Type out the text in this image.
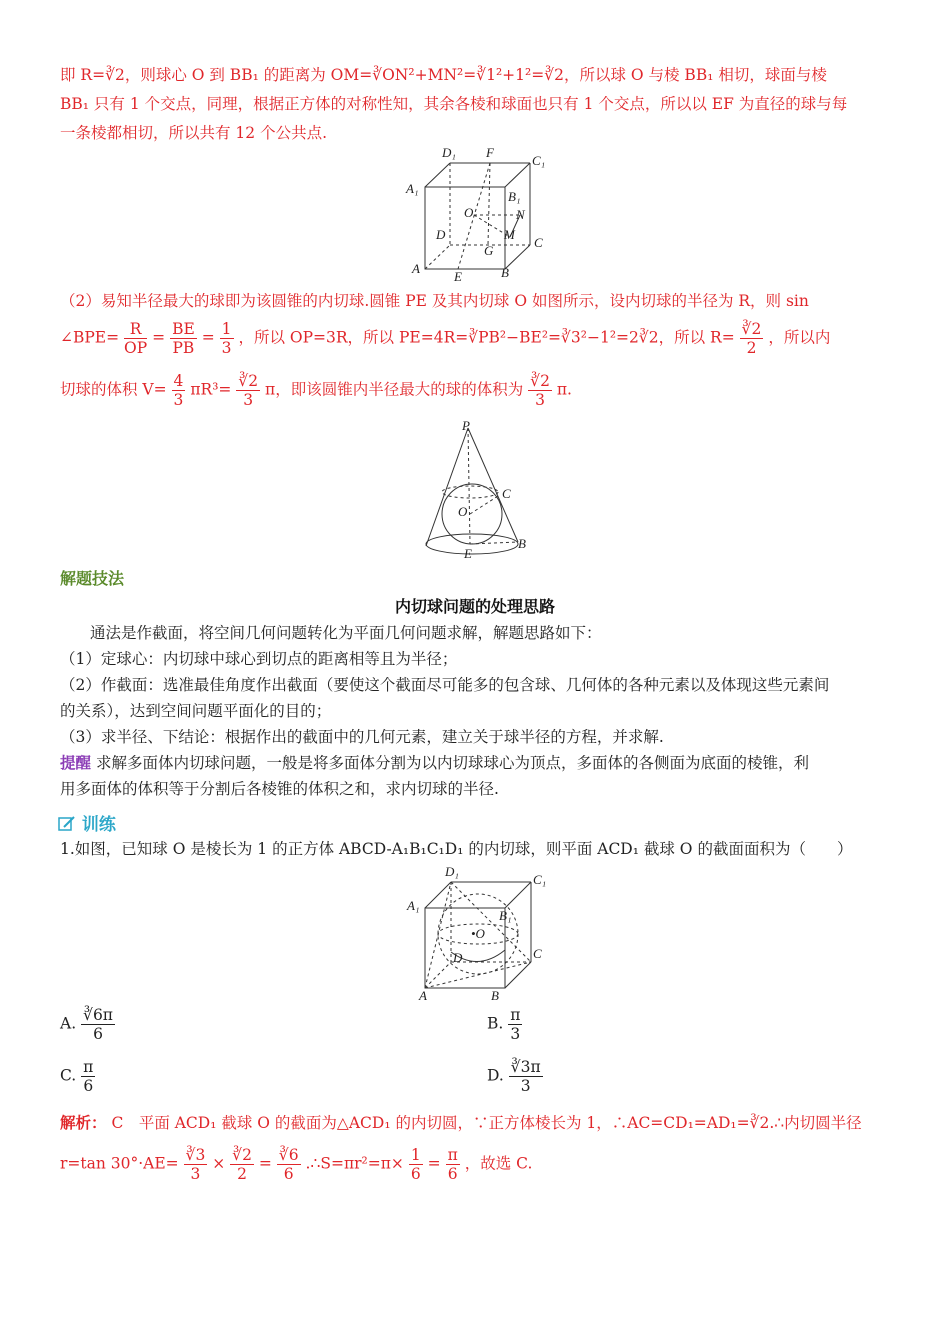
即 R=∛2，则球心 O 到 BB₁ 的距离为 OM=∛ON²+MN²=∛1²+1²=∛2，所以球 O 与棱 BB₁ 相切，球面与棱
BB₁ 只有 1 个交点，同理，根据正方体的对称性知，其余各棱和球面也只有 1 个交点，所以以 EF 为直径的球与每
一条棱都相切，所以共有 12 个公共点.
D₁ F
C₁
A₁
B₁
O	N
D	M
C
G
A
E	B
（2）易知半径最大的球即为该圆锥的内切球.圆锥 PE 及其内切球 O 如图所示，设内切球的半径为 R，则 sin
∠BPE= $\frac{R}{OP} = \frac{BE}{PB} = \frac{1}{3}$ ，所以 OP=3R，所以 PE=4R=∛PB²−BE²=∛3²−1²=2∛2，所以 $R= \frac{∛2}{2}$ ，所以内
切球的体积 $V= \frac{4}{3} \pi R^3= \frac{∛2}{3}$ π，即该圆锥内半径最大的球的体积为 $\frac{∛2}{3} \pi$.
P
C
O
E
B
解题技法
内切球问题的处理思路
通法是作截面，将空间几何问题转化为平面几何问题求解，解题思路如下：
（1）定球心：内切球中球心到切点的距离相等且为半径；
（2）作截面：选准最佳角度作出截面（要使这个截面尽可能多的包含球、几何体的各种元素以及体现这些元素间
的关系），达到空间问题平面化的目的；
（3）求半径、下结论：根据作出的截面中的几何元素，建立关于球半径的方程，并求解.
提醒 求解多面体内切球问题，一般是将多面体分割为以内切球球心为顶点，多面体的各侧面为底面的棱锥，利
用多面体的体积等于分割后各棱锥的体积之和，求内切球的半径.
训练
1.如图，已知球 O 是棱长为 1 的正方体 ABCD-A₁B₁C₁D₁ 的内切球，则平面 ACD₁ 截球 O 的截面面积为（　　）
D₁
C₁
A₁
B₁
•O
D	C
A	B
A. $\frac{∛6\pi}{6}$	B. $\frac{\pi}{3}$
C. $\frac{\pi}{6}$	D. $\frac{∛3\pi}{3}$
解析： C　平面 ACD₁ 截球 O 的截面为△ACD₁ 的内切圆，∵正方体棱长为 1，∴AC=CD₁=AD₁=∛2.∴内切圆半径
r=tan $30^\circ\cdot AE= \frac{∛3}{3} \times \frac{∛2}{2} = \frac{∛6}{6}$ .∴S=πr²=π× $\frac{1}{6} = \frac{\pi}{6}$ ，故选 C.
